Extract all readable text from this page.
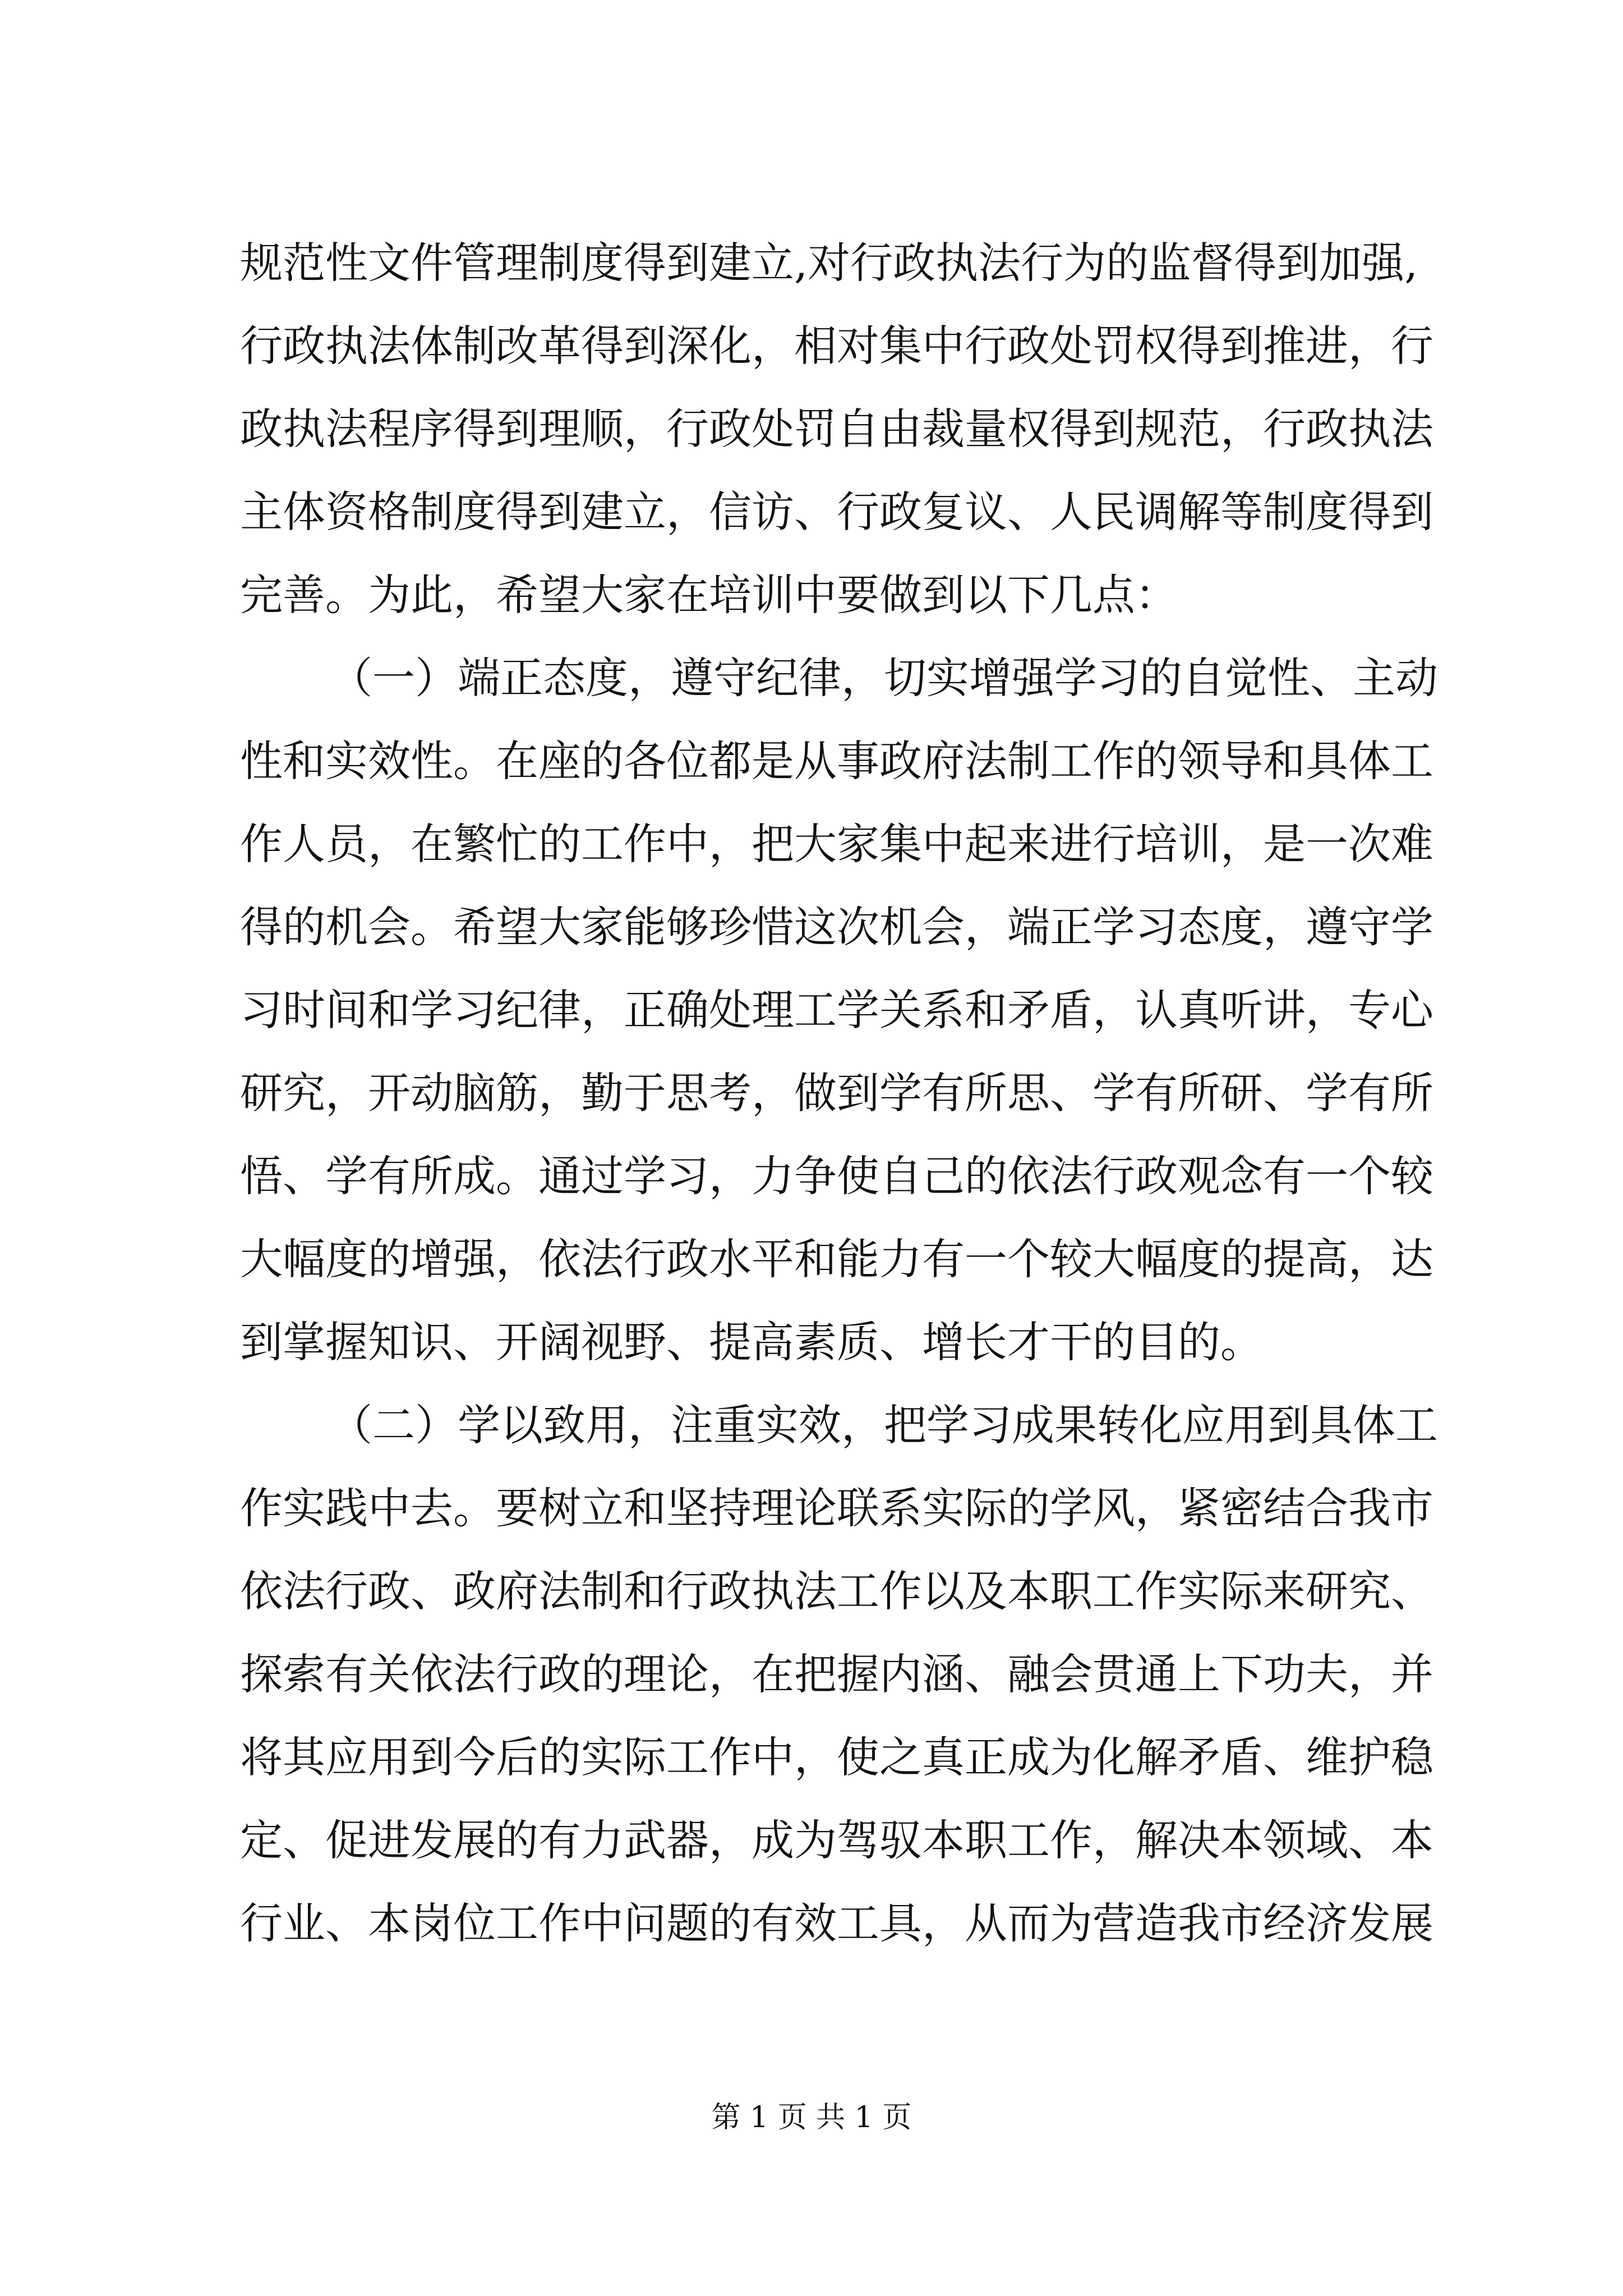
规范性文件管理制度得到建立,对行政执法行为的监督得到加强,
行政执法体制改革得到深化，相对集中行政处罚权得到推进，行
政执法程序得到理顺，行政处罚自由裁量权得到规范，行政执法
主体资格制度得到建立，信访、行政复议、人民调解等制度得到
完善。为此，希望大家在培训中要做到以下几点：
（一）端正态度，遵守纪律，切实增强学习的自觉性、主动
性和实效性。在座的各位都是从事政府法制工作的领导和具体工
作人员，在繁忙的工作中，把大家集中起来进行培训，是一次难
得的机会。希望大家能够珍惜这次机会，端正学习态度，遵守学
习时间和学习纪律，正确处理工学关系和矛盾，认真听讲，专心
研究，开动脑筋，勤于思考，做到学有所思、学有所研、学有所
悟、学有所成。通过学习，力争使自己的依法行政观念有一个较
大幅度的增强，依法行政水平和能力有一个较大幅度的提高，达
到掌握知识、开阔视野、提高素质、增长才干的目的。
（二）学以致用，注重实效，把学习成果转化应用到具体工
作实践中去。要树立和坚持理论联系实际的学风，紧密结合我市
依法行政、政府法制和行政执法工作以及本职工作实际来研究、
探索有关依法行政的理论，在把握内涵、融会贯通上下功夫，并
将其应用到今后的实际工作中，使之真正成为化解矛盾、维护稳
定、促进发展的有力武器，成为驾驭本职工作，解决本领域、本
行业、本岗位工作中问题的有效工具，从而为营造我市经济发展
第 1 页 共 1 页
